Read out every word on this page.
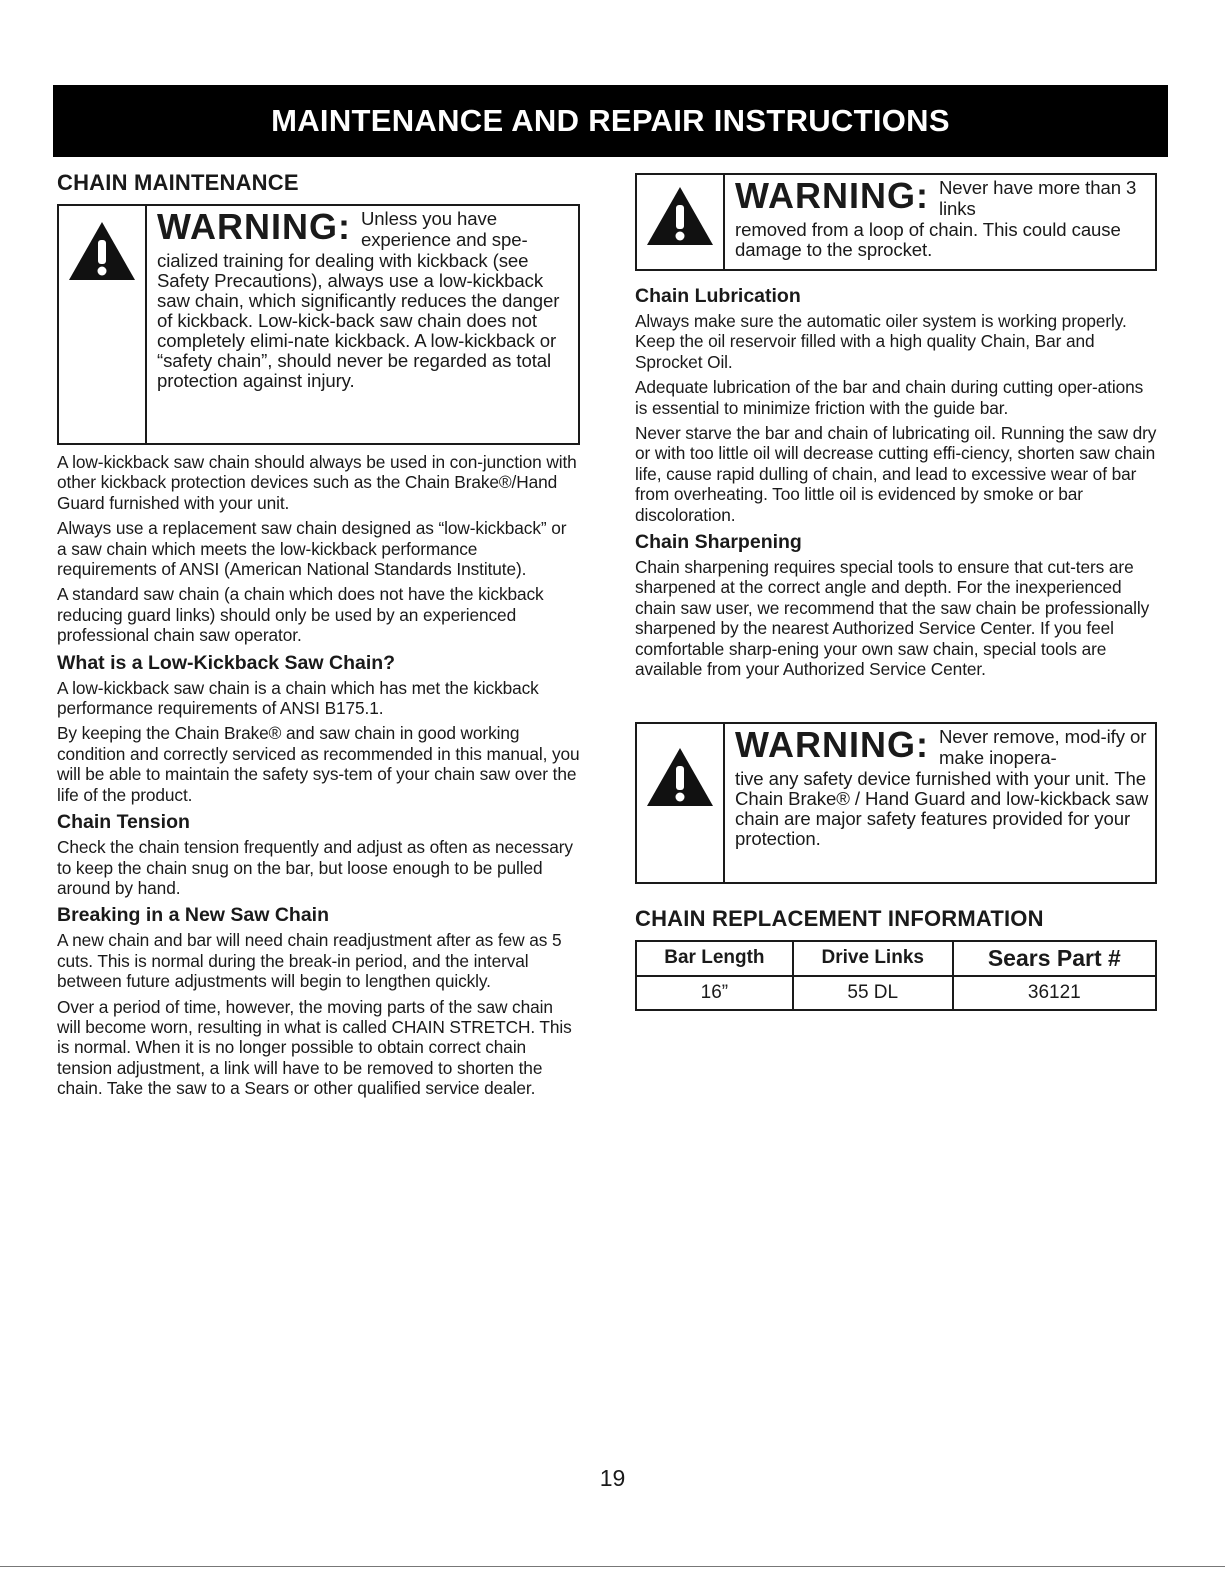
MAINTENANCE AND REPAIR INSTRUCTIONS
CHAIN MAINTENANCE
WARNING: Unless you have experience and spe-
cialized training for dealing with kickback (see Safety Precautions), always use a low-kickback saw chain, which significantly reduces the danger of kickback. Low-kick-back saw chain does not completely elimi-nate kickback. A low-kickback or “safety chain”, should never be regarded as total protection against injury.

A low-kickback saw chain should always be used in con-junction with other kickback protection devices such as the Chain Brake®/Hand Guard furnished with your unit.

Always use a replacement saw chain designed as “low-kickback” or a saw chain which meets the low-kickback performance requirements of ANSI (American National Standards Institute).

A standard saw chain (a chain which does not have the kickback reducing guard links) should only be used by an experienced professional chain saw operator.

What is a Low-Kickback Saw Chain?

A low-kickback saw chain is a chain which has met the kickback performance requirements of ANSI B175.1.

By keeping the Chain Brake® and saw chain in good working condition and correctly serviced as recommended in this manual, you will be able to maintain the safety sys-tem of your chain saw over the life of the product.

Chain Tension

Check the chain tension frequently and adjust as often as necessary to keep the chain snug on the bar, but loose enough to be pulled around by hand.

Breaking in a New Saw Chain

A new chain and bar will need chain readjustment after as few as 5 cuts. This is normal during the break-in period, and the interval between future adjustments will begin to lengthen quickly.

Over a period of time, however, the moving parts of the saw chain will become worn, resulting in what is called CHAIN STRETCH. This is normal. When it is no longer possible to obtain correct chain tension adjustment, a link will have to be removed to shorten the chain. Take the saw to a Sears or other qualified service dealer.

WARNING: Never have more than 3 links
removed from a loop of chain. This could cause damage to the sprocket.
Chain Lubrication

Always make sure the automatic oiler system is working properly. Keep the oil reservoir filled with a high quality Chain, Bar and Sprocket Oil.

Adequate lubrication of the bar and chain during cutting oper-ations is essential to minimize friction with the guide bar.

Never starve the bar and chain of lubricating oil. Running the saw dry or with too little oil will decrease cutting effi-ciency, shorten saw chain life, cause rapid dulling of chain, and lead to excessive wear of bar from overheating. Too little oil is evidenced by smoke or bar discoloration.

Chain Sharpening

Chain sharpening requires special tools to ensure that cut-ters are sharpened at the correct angle and depth. For the inexperienced chain saw user, we recommend that the saw chain be professionally sharpened by the nearest Authorized Service Center. If you feel comfortable sharp-ening your own saw chain, special tools are available from your Authorized Service Center.

WARNING: Never remove, mod-ify or make inopera-
tive any safety device furnished with your unit. The Chain Brake® / Hand Guard and low-kickback saw chain are major safety features provided for your protection.
CHAIN REPLACEMENT INFORMATION
Bar Length	Drive Links	Sears Part #
16”	55 DL	36121
19
